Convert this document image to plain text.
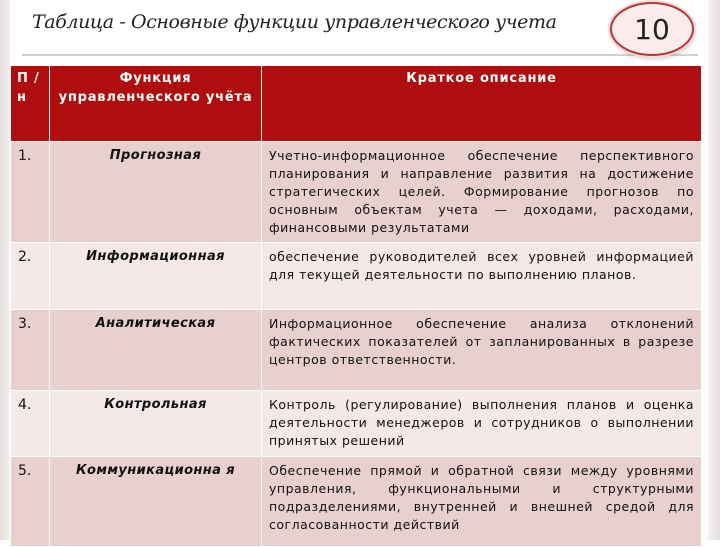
Таблица - Основные функции управленческого учета	10
П /н	Функция управленческого учёта	Краткое описание
1.	Прогнозная	Учетно-информационное обеспечение перспективного планирования и направление развития на достижение стратегических целей. Формирование прогнозов по основным объектам учета — доходами, расходами, финансовыми результатами
2.	Информационная	обеспечение руководителей всех уровней информацией для текущей деятельности по выполнению планов.
3.	Аналитическая	Информационное обеспечение анализа отклонений фактических показателей от запланированных в разрезе центров ответственности.
4.	Контрольная	Контроль (регулирование) выполнения планов и оценка деятельности менеджеров и сотрудников о выполнении принятых решений
5.	Коммуникационна я	Обеспечение прямой и обратной связи между уровнями управления, функциональными и структурными подразделениями, внутренней и внешней средой для согласованности действий
